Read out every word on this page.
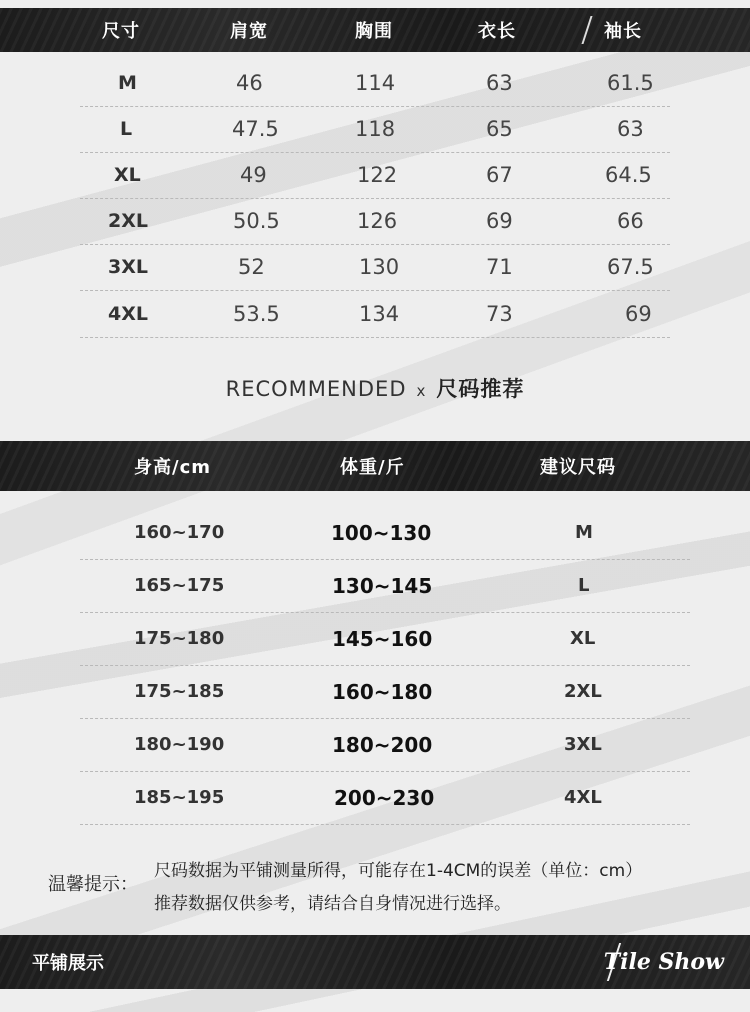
尺寸	肩宽	胸围	衣长	袖长
M	46	114	63	61.5
L	47.5	118	65	63
XL	49	122	67	64.5
2XL	50.5	126	69	66
3XL	52	130	71	67.5
4XL	53.5	134	73	69
RECOMMENDED x 尺码推荐
身高/cm	体重/斤	建议尺码
160~170	100~130	M
165~175	130~145	L
175~180	145~160	XL
175~185	160~180	2XL
180~190	180~200	3XL
185~195	200~230	4XL
温馨提示：
尺码数据为平铺测量所得，可能存在1-4CM的误差（单位：cm）
推荐数据仅供参考，请结合自身情况进行选择。
平铺展示	Tile Show
